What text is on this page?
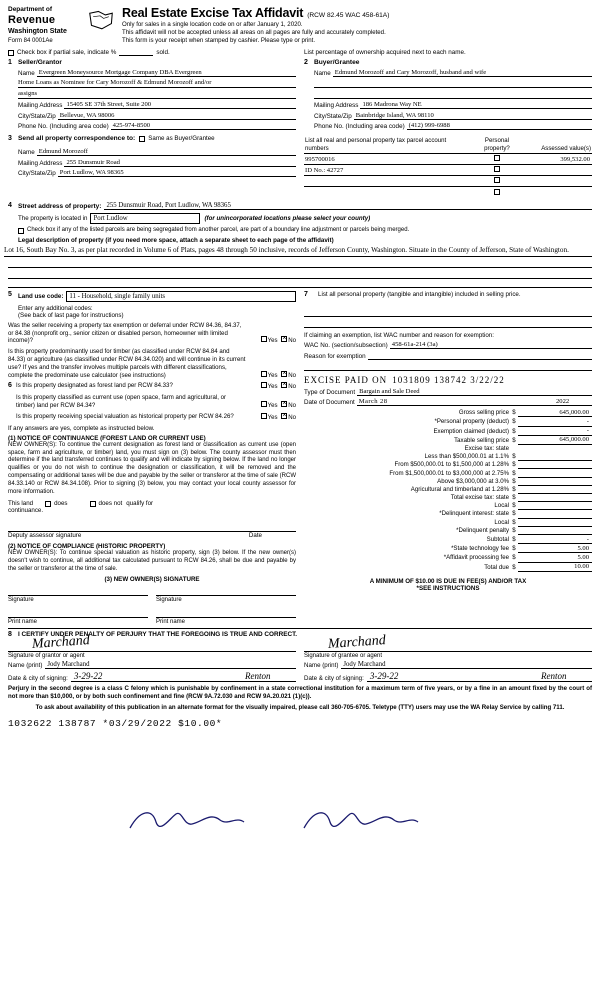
Department of
Revenue
Washington State
Form 84 0001Ae
Real Estate Excise Tax Affidavit (RCW 82.45 WAC 458-61A)
Only for sales in a single location code on or after January 1, 2020.
This affidavit will not be accepted unless all areas on all pages are fully and accurately completed.
This form is your receipt when stamped by cashier. Please type or print.
Check box if partial sale, indicate %	sold.	List percentage of ownership acquired next to each name.
1 Seller/Grantor
Name Evergreen Moneysource Mortgage Company DBA Evergreen
Home Loans as Nominee for Cary Morozoff & Edmund Morozoff and/or
assigns
Mailing Address 15405 SE 37th Street, Suite 200
City/State/Zip Bellevue, WA 98006
Phone No. (Including area code) 425-974-8500
3 Send all property correspondence to: Same as Buyer/Grantee
Name Edmund Morozoff
Mailing Address 255 Dunsmuir Road
City/State/Zip Port Ludlow, WA 98365
2 Buyer/Grantee
Name Edmund Morozoff and Cary Morozoff, husband and wife

Mailing Address 186 Madrona Way NE
City/State/Zip Bainbridge Island, WA 98110
Phone No. (Including area code) (412) 999-6988
List all real and personal property tax parcel account numbers	Personal property?	Assessed value(s)
995700016		399,532.00
ID No.: 42727		

4 Street address of property: 255 Dunsmuir Road, Port Ludlow, WA 98365
The property is located in Port Ludlow	(for unincorporated locations please select your county)
Check box if any of the listed parcels are being segregated from another parcel, are part of a boundary line adjustment or parcels being merged.
Legal description of property (if you need more space, attach a separate sheet to each page of the affidavit)
Lot 16, South Bay No. 3, as per plat recorded in Volume 6 of Plats, pages 48 through 50 inclusive, records of Jefferson County, Washington. Situate in the County of Jefferson, State of Washington.
5 Land use code: 11 - Household, single family units
Enter any additional codes:
(See back of last page for instructions)
Was the seller receiving a property tax exemption or deferral under RCW 84.36, 84.37, or 84.38 (nonprofit org., senior citizen or disabled person, homeowner with limited income)?	Yes ×No
Is this property predominantly used for timber (as classified under RCW 84.84 and 84.33) or agriculture (as classified under RCW 84.34.020) and will continue in its current use? If yes and the transfer involves multiple parcels with different classifications, complete the predominate use calculator (see instructions)	Yes ×No
6 Is this property designated as forest land per RCW 84.33?	Yes ×No
Is this property classified as current use (open space, farm and agricultural, or timber) land per RCW 84.34?	Yes ×No
Is this property receiving special valuation as historical property per RCW 84.26?	Yes ×No
If any answers are yes, complete as instructed below.
(1) NOTICE OF CONTINUANCE (FOREST LAND OR CURRENT USE)
NEW OWNER(S): To continue the current designation as forest land or classification as current use (open space, farm and agriculture, or timber) land, you must sign on (3) below. The county assessor must then determine if the land transferred continues to qualify and will indicate by signing below. If the land no longer qualifies or you do not wish to continue the designation or classification, it will be removed and the compensating or additional taxes will be due and payable by the seller or transferor at the time of sale (RCW 84.33.140 or RCW 84.34.108). Prior to signing (3) below, you may contact your local county assessor for more information.
This land	does	does not qualify for
continuance.
Deputy assessor signature	Date
(2) NOTICE OF COMPLIANCE (HISTORIC PROPERTY)
NEW OWNER(S): To continue special valuation as historic property, sign (3) below. If the new owner(s) doesn't wish to continue, all additional tax calculated pursuant to RCW 84.26, shall be due and payable by the seller or transferor at the time of sale.
(3) NEW OWNER(S) SIGNATURE
Signature	Signature
Print name	Print name
7 List all personal property (tangible and intangible) included in selling price.
If claiming an exemption, list WAC number and reason for exemption:
WAC No. (section/subsection) 458-61a-214 (3a)
Reason for exemption
EXCISE PAID ON 1031809 138742 3/22/22
Type of Document Bargain and Sale Deed
Date of Document March 28	2022
Gross selling price	$	645,000.00
*Personal property (deduct)	$	-
Exemption claimed (deduct)	$	-
Taxable selling price	$	645,000.00
Excise tax: state		
Less than $500,000.01 at 1.1%	$	
From $500,000.01 to $1,500,000 at 1.28%	$	
From $1,500,000.01 to $3,000,000 at 2.75%	$	
Above $3,000,000 at 3.0%	$	
Agricultural and timberland at 1.28%	$	
Total excise tax: state	$	
Local	$	
*Delinquent interest: state	$	
Local	$	
*Delinquent penalty	$	
Subtotal	$	-
*State technology fee	$	5.00
*Affidavit processing fee	$	5.00
Total due	$	10.00
A MINIMUM OF $10.00 IS DUE IN FEE(S) AND/OR TAX
*SEE INSTRUCTIONS
8 I CERTIFY UNDER PENALTY OF PERJURY THAT THE FOREGOING IS TRUE AND CORRECT.
Marchand
Signature of grantor or agent
Name (print) Jody Marchand
Date & city of signing: 3-29-22	Renton
Marchand
Signature of grantee or agent
Name (print) Jody Marchand
Date & city of signing: 3-29-22	Renton
Perjury in the second degree is a class C felony which is punishable by confinement in a state correctional institution for a maximum term of five years, or by a fine in an amount fixed by the court of not more than $10,000, or by both such confinement and fine (RCW 9A.72.030 and RCW 9A.20.021 (1)(c)).
To ask about availability of this publication in an alternate format for the visually impaired, please call 360-705-6705. Teletype (TTY) users may use the WA Relay Service by calling 711.
1032622 138787 *03/29/2022 $10.00*
